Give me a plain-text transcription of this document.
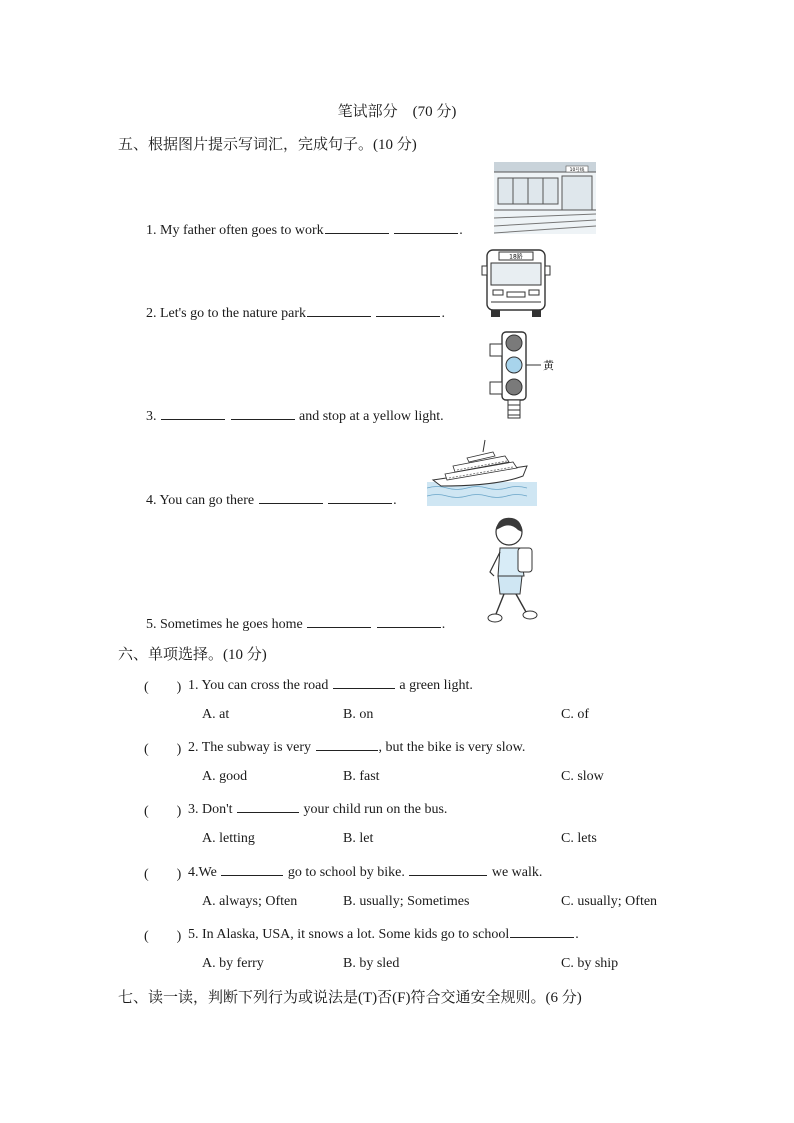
笔试部分　(70 分)
五、根据图片提示写词汇，完成句子。(10 分)
10号线
1. My father often goes to work	.
18路
2. Let's go to the nature park	.
黄
3.	and stop at a yellow light.
4. You can go there	.
5. Sometimes he goes home	.
六、单项选择。(10 分)
(　　) 1. You can cross the road	a green light.
A. at	B. on	C. of
(　　) 2. The subway is very	, but the bike is very slow.
A. good	B. fast	C. slow
(　　) 3. Don't	your child run on the bus.
A. letting	B. let	C. lets
(　　) 4.We	go to school by bike.	we walk.
A. always; Often	B. usually; Sometimes	C. usually; Often
(　　) 5. In Alaska, USA, it snows a lot. Some kids go to school	.
A. by ferry	B. by sled	C. by ship
七、读一读，判断下列行为或说法是(T)否(F)符合交通安全规则。(6 分)
